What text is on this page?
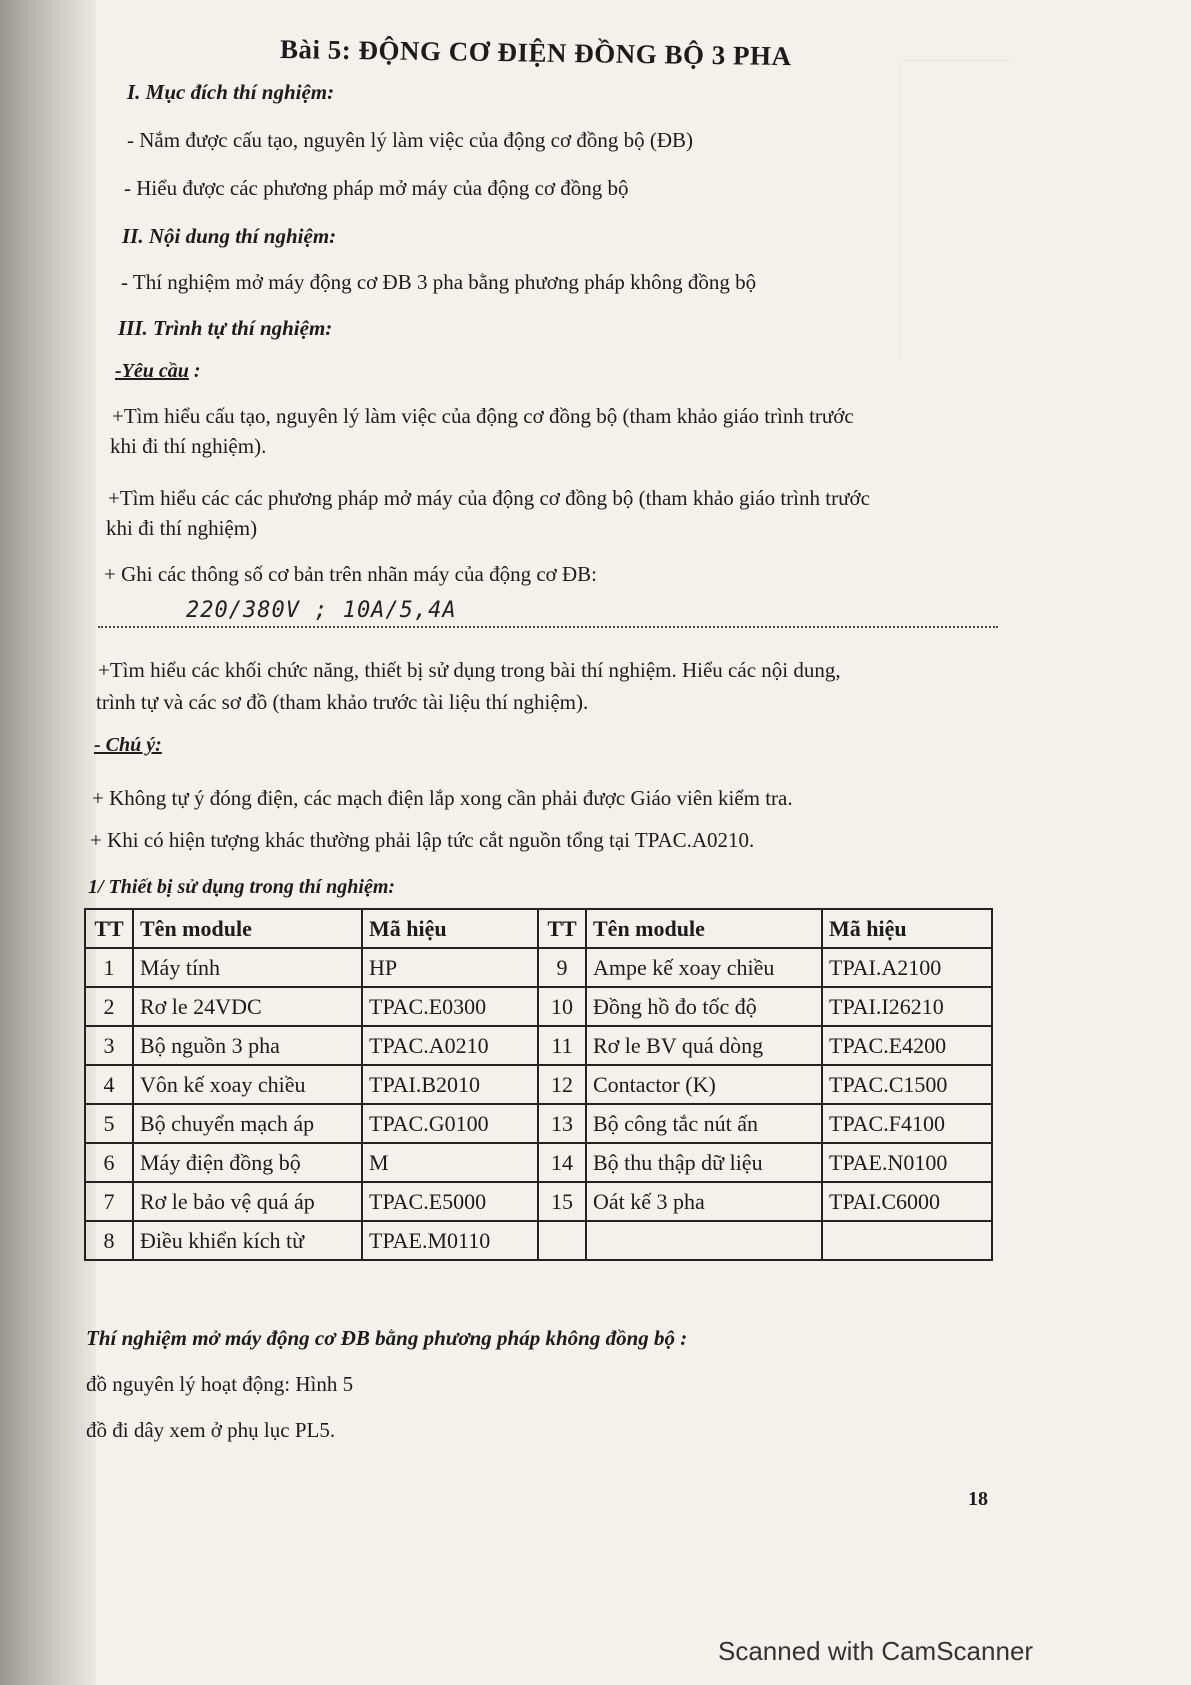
Bài 5: ĐỘNG CƠ ĐIỆN ĐỒNG BỘ 3 PHA
I. Mục đích thí nghiệm:
- Nắm được cấu tạo, nguyên lý làm việc của động cơ đồng bộ (ĐB)
- Hiểu được các phương pháp mở máy của động cơ đồng bộ
II. Nội dung thí nghiệm:
- Thí nghiệm mở máy động cơ ĐB 3 pha bằng phương pháp không đồng bộ
III. Trình tự thí nghiệm:
-Yêu cầu :
+Tìm hiểu cấu tạo, nguyên lý làm việc của động cơ đồng bộ (tham khảo giáo trình trước
khi đi thí nghiệm).
+Tìm hiểu các các phương pháp mở máy của động cơ đồng bộ (tham khảo giáo trình trước
khi đi thí nghiệm)
+ Ghi các thông số cơ bản trên nhãn máy của động cơ ĐB:
220/380V ; 10A/5,4A
+Tìm hiểu các khối chức năng, thiết bị sử dụng trong bài thí nghiệm. Hiểu các nội dung,
trình tự và các sơ đồ (tham khảo trước tài liệu thí nghiệm).
- Chú ý:
+ Không tự ý đóng điện, các mạch điện lắp xong cần phải được Giáo viên kiểm tra.
+ Khi có hiện tượng khác thường phải lập tức cắt nguồn tổng tại TPAC.A0210.
1/ Thiết bị sử dụng trong thí nghiệm:
TT	Tên module	Mã hiệu	TT	Tên module	Mã hiệu
1	Máy tính	HP	9	Ampe kế xoay chiều	TPAI.A2100
2	Rơ le 24VDC	TPAC.E0300	10	Đồng hồ đo tốc độ	TPAI.I26210
3	Bộ nguồn 3 pha	TPAC.A0210	11	Rơ le BV quá dòng	TPAC.E4200
4	Vôn kế xoay chiều	TPAI.B2010	12	Contactor (K)	TPAC.C1500
5	Bộ chuyển mạch áp	TPAC.G0100	13	Bộ công tắc nút ấn	TPAC.F4100
6	Máy điện đồng bộ	M	14	Bộ thu thập dữ liệu	TPAE.N0100
7	Rơ le bảo vệ quá áp	TPAC.E5000	15	Oát kế 3 pha	TPAI.C6000
8	Điều khiển kích từ	TPAE.M0110			
Thí nghiệm mở máy động cơ ĐB bằng phương pháp không đồng bộ :
đồ nguyên lý hoạt động: Hình 5
đồ đi dây xem ở phụ lục PL5.
18
Scanned with CamScanner
